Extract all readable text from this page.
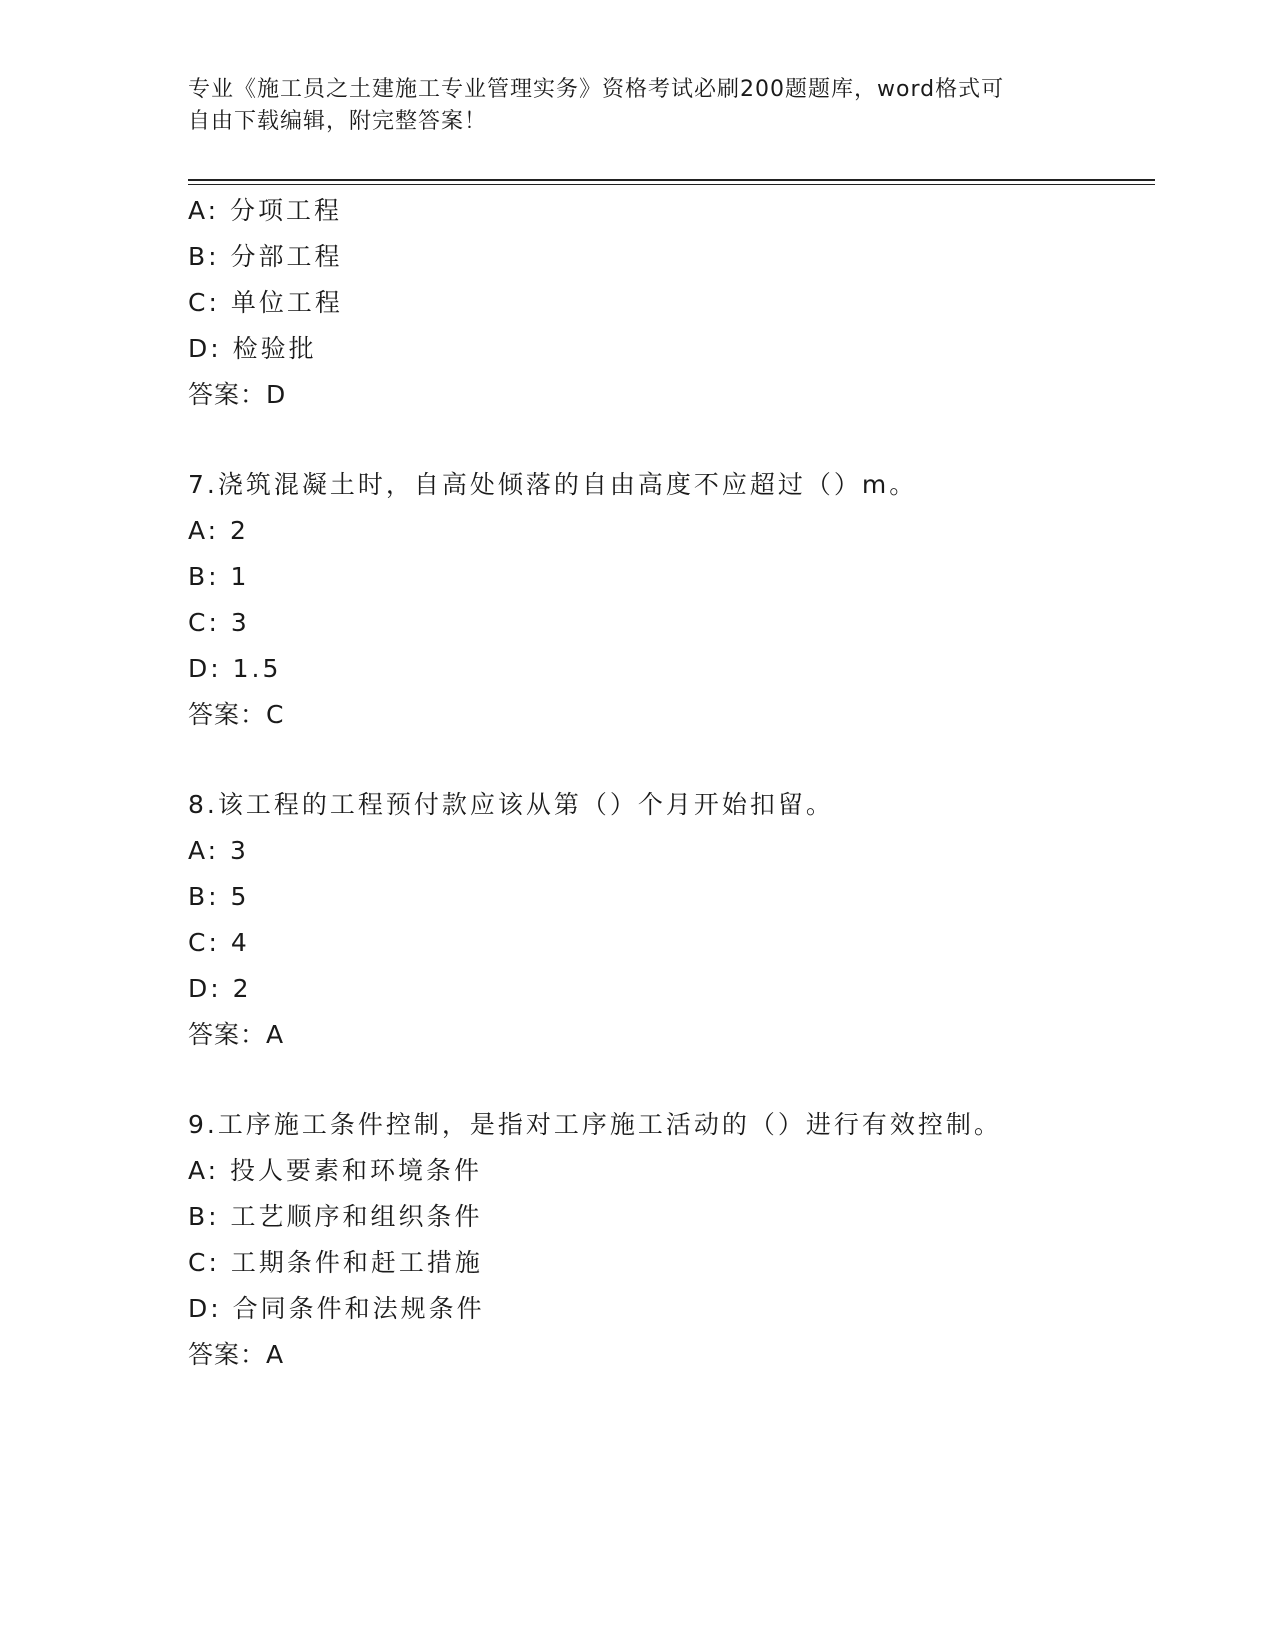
专业《施工员之土建施工专业管理实务》资格考试必刷200题题库，word格式可
自由下载编辑，附完整答案！
A: 分项工程
B: 分部工程
C: 单位工程
D: 检验批
答案：D
7.浇筑混凝土时，自高处倾落的自由高度不应超过（）m。
A: 2
B: 1
C: 3
D: 1.5
答案：C
8.该工程的工程预付款应该从第（）个月开始扣留。
A: 3
B: 5
C: 4
D: 2
答案：A
9.工序施工条件控制，是指对工序施工活动的（）进行有效控制。
A: 投人要素和环境条件
B: 工艺顺序和组织条件
C: 工期条件和赶工措施
D: 合同条件和法规条件
答案：A
